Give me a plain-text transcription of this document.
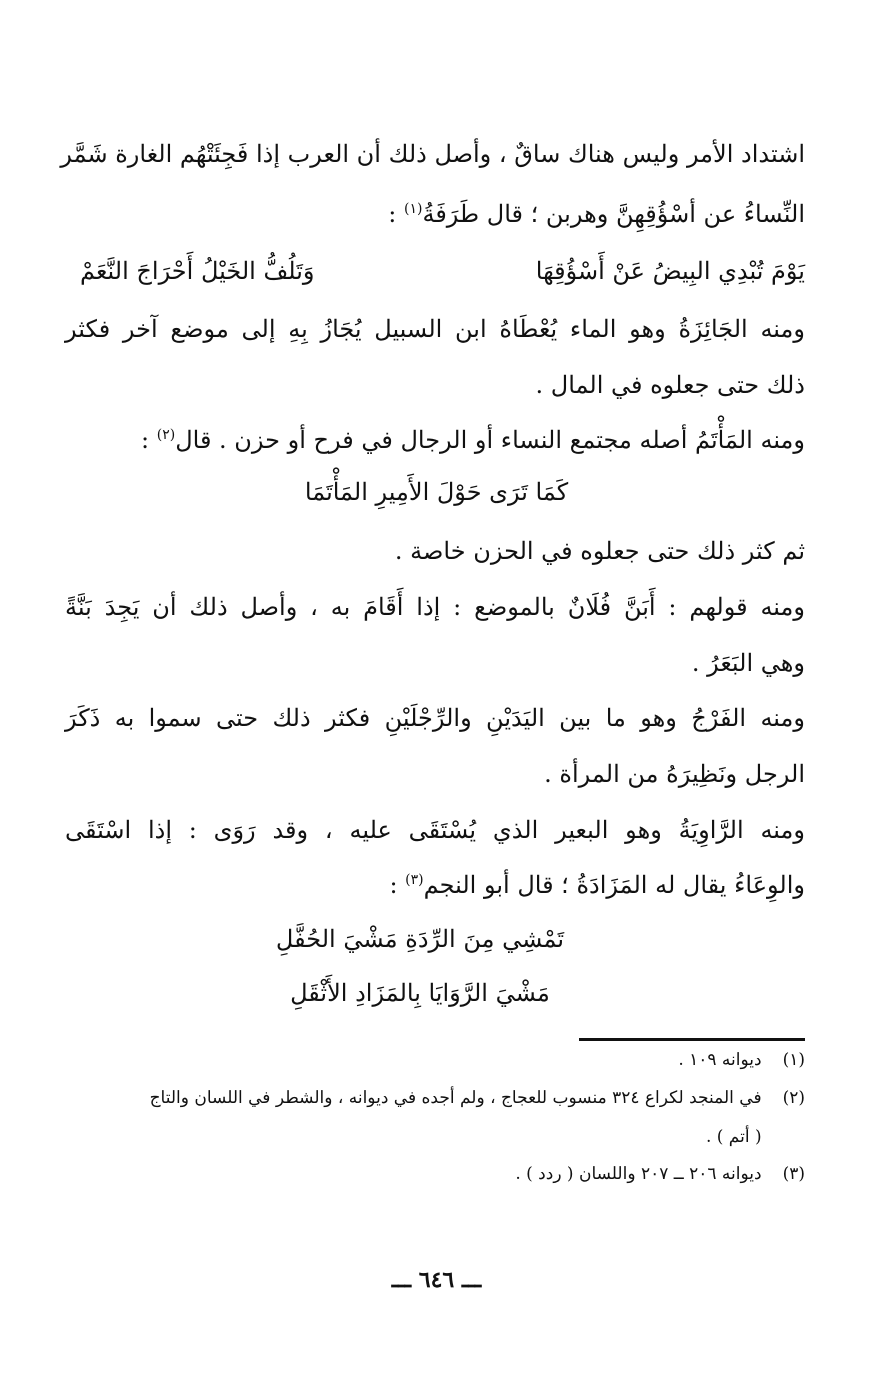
اشتداد الأمر وليس هناك ساقٌ ، وأصل ذلك أن العرب إذا فَجِئَتْهُم الغارة شَمَّر
النِّساءُ عن أسْؤُقِهِنَّ وهربن ؛ قال طَرَفَةُ$^{(١)}$ :
يَوْمَ تُبْدِي البِيضُ عَنْ أَسْؤُقِهَا
وَتَلُفُّ الخَيْلُ أَحْرَاجَ النَّعَمْ
ومنه الجَائِزَةُ وهو الماء يُعْطَاهُ ابن السبيل يُجَازُ بِهِ إلى موضع آخر فكثر
ذلك حتى جعلوه في المال .
ومنه المَأْتَمُ أصله مجتمع النساء أو الرجال في فرح أو حزن . قال$^{(٢)}$ :
كَمَا تَرَى حَوْلَ الأَمِيرِ المَأْتَمَا
ثم كثر ذلك حتى جعلوه في الحزن خاصة .
ومنه قولهم : أَبَنَّ فُلَانٌ بالموضع : إذا أَقَامَ به ، وأصل ذلك أن يَجِدَ بَنَّةً
وهي البَعَرُ .
ومنه الفَرْجُ وهو ما بين اليَدَيْنِ والرِّجْلَيْنِ فكثر ذلك حتى سموا به ذَكَرَ
الرجل ونَظِيرَهُ من المرأة .
ومنه الرَّاوِيَةُ وهو البعير الذي يُسْتَقَى عليه ، وقد رَوَى : إذا اسْتَقَى
والوِعَاءُ يقال له المَزَادَةُ ؛ قال أبو النجم$^{(٣)}$ :
تَمْشِي مِنَ الرِّدَةِ مَشْيَ الحُفَّلِ
مَشْيَ الرَّوَايَا بِالمَزَادِ الأَثْقَلِ
(١) ديوانه ١٠٩ .
(٢) في المنجد لكراع ٣٢٤ منسوب للعجاج ، ولم أجده في ديوانه ، والشطر في اللسان والتاج
( أتم ) .
(٣) ديوانه ٢٠٦ ــ ٢٠٧ واللسان ( ردد ) .
ـــ ٦٤٦ ـــ
